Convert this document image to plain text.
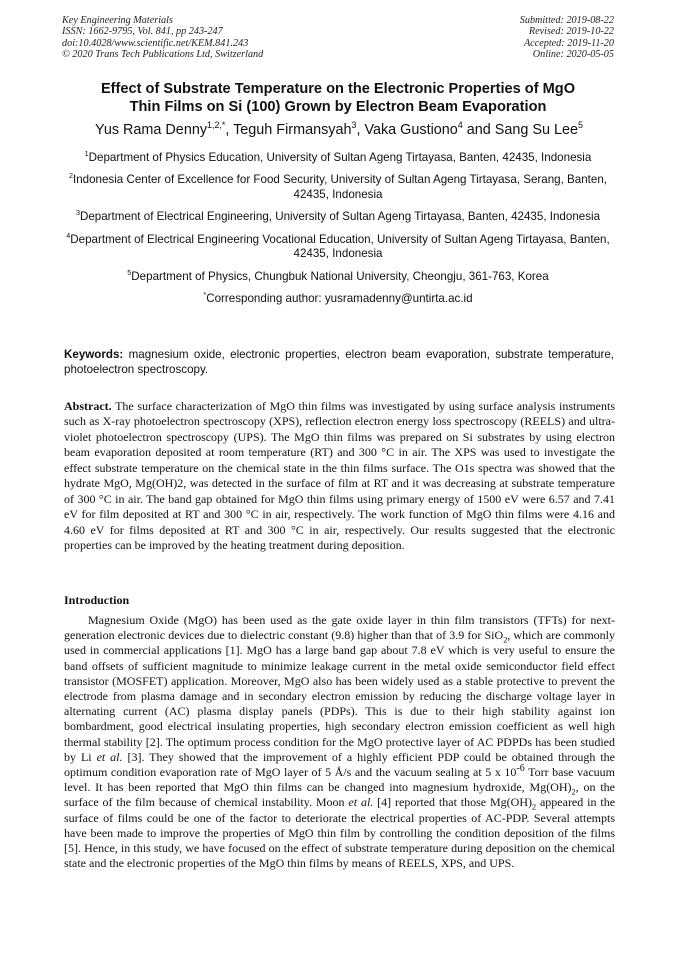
Key Engineering Materials
ISSN: 1662-9795, Vol. 841, pp 243-247
doi:10.4028/www.scientific.net/KEM.841.243
© 2020 Trans Tech Publications Ltd, Switzerland
Submitted: 2019-08-22
Revised: 2019-10-22
Accepted: 2019-11-20
Online: 2020-05-05
Effect of Substrate Temperature on the Electronic Properties of MgO
Thin Films on Si (100) Grown by Electron Beam Evaporation
Yus Rama Denny$^{1,2,*}$, Teguh Firmansyah$^3$, Vaka Gustiono$^4$ and Sang Su Lee$^5$
$^1$Department of Physics Education, University of Sultan Ageng Tirtayasa, Banten, 42435, Indonesia
$^2$Indonesia Center of Excellence for Food Security, University of Sultan Ageng Tirtayasa, Serang, Banten, 42435, Indonesia
$^3$Department of Electrical Engineering, University of Sultan Ageng Tirtayasa, Banten, 42435, Indonesia
$^4$Department of Electrical Engineering Vocational Education, University of Sultan Ageng Tirtayasa, Banten, 42435, Indonesia
$^5$Department of Physics, Chungbuk National University, Cheongju, 361-763, Korea
*Corresponding author: yusramadenny@untirta.ac.id
Keywords: magnesium oxide, electronic properties, electron beam evaporation, substrate temperature, photoelectron spectroscopy.
Abstract. The surface characterization of MgO thin films was investigated by using surface analysis instruments such as X-ray photoelectron spectroscopy (XPS), reflection electron energy loss spectroscopy (REELS) and ultra-violet photoelectron spectroscopy (UPS). The MgO thin films was prepared on Si substrates by using electron beam evaporation deposited at room temperature (RT) and 300 °C in air. The XPS was used to investigate the effect substrate temperature on the chemical state in the thin films surface. The O1s spectra was showed that the hydrate MgO, Mg(OH)2, was detected in the surface of film at RT and it was decreasing at substrate temperature of 300 °C in air. The band gap obtained for MgO thin films using primary energy of 1500 eV were 6.57 and 7.41 eV for film deposited at RT and 300 °C in air, respectively. The work function of MgO thin films were 4.16 and 4.60 eV for films deposited at RT and 300 °C in air, respectively. Our results suggested that the electronic properties can be improved by the heating treatment during deposition.
Introduction
Magnesium Oxide (MgO) has been used as the gate oxide layer in thin film transistors (TFTs) for next-generation electronic devices due to dielectric constant (9.8) higher than that of 3.9 for SiO$_2$, which are commonly used in commercial applications [1]. MgO has a large band gap about 7.8 eV which is very useful to ensure the band offsets of sufficient magnitude to minimize leakage current in the metal oxide semiconductor field effect transistor (MOSFET) application. Moreover, MgO also has been widely used as a stable protective to prevent the electrode from plasma damage and in secondary electron emission by reducing the discharge voltage layer in alternating current (AC) plasma display panels (PDPs). This is due to their high stability against ion bombardment, good electrical insulating properties, high secondary electron emission coefficient as well high thermal stability [2]. The optimum process condition for the MgO protective layer of AC PDPDs has been studied by Li et al. [3]. They showed that the improvement of a highly efficient PDP could be obtained through the optimum condition evaporation rate of MgO layer of 5 Å/s and the vacuum sealing at 5 x $10^{-6}$ Torr base vacuum level. It has been reported that MgO thin films can be changed into magnesium hydroxide, $Mg(OH)_2$, on the surface of the film because of chemical instability. Moon et al. [4] reported that those $Mg(OH)_2$ appeared in the surface of films could be one of the factor to deteriorate the electrical properties of AC-PDP. Several attempts have been made to improve the properties of MgO thin film by controlling the condition deposition of the films [5]. Hence, in this study, we have focused on the effect of substrate temperature during deposition on the chemical state and the electronic properties of the MgO thin films by means of REELS, XPS, and UPS.
